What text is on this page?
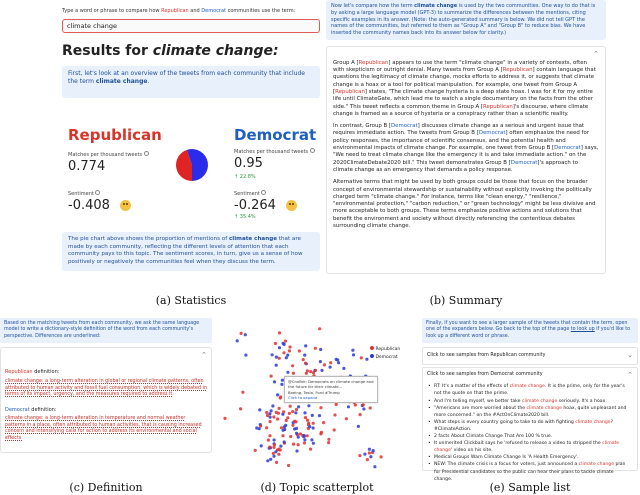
Type a word or phrase to compare how Republican and Democrat communities use the term:
climate change
Results for climate change:
First, let's look at an overview of the tweets from each community that include the term climate change.
Republican
Matches per thousand tweets
0.774
Sentiment
-0.408
Democrat
Matches per thousand tweets
0.95
↑ 22.8%
Sentiment
-0.264
↑ 35.4%
The pie chart above shows the proportion of mentions of climate change that are made by each community, reflecting the different levels of attention that each community pays to this topic. The sentiment scores, in turn, give us a sense of how positively or negatively the communities feel when they discuss the term.
(a) Statistics
Now let's compare how the term climate change is used by the two communities. One way to do that is by asking a large language model (GPT-3) to summarize the differences between the mentions, citing specific examples in its answer. (Note: the auto-generated summary is below. We did not tell GPT the names of the communities, but referred to them as "Group A" and "Group B" to reduce bias. We have inserted the community names back into its answer below for clarity.)
⌃

Group A [Republican] appears to use the term "climate change" in a variety of contexts, often with skepticism or outright denial. Many tweets from Group A [Republican] contain language that questions the legitimacy of climate change, mocks efforts to address it, or suggests that climate change is a hoax or a tool for political manipulation. For example, one tweet from Group A [Republican] states, "The climate change hysteria is a deep state hoax. I was for it for my entire life until ClimateGate, which lead me to watch a single documentary on the facts from the other side." This tweet reflects a common theme in Group A [Republican]'s discourse, where climate change is framed as a source of hysteria or a conspiracy rather than a scientific reality.

In contrast, Group B [Democrat] discusses climate change as a serious and urgent issue that requires immediate action. The tweets from Group B [Democrat] often emphasize the need for policy responses, the importance of scientific consensus, and the potential health and environmental impacts of climate change. For example, one tweet from Group B [Democrat] says, "We need to treat climate change like the emergency it is and take immediate action." on the 2020ClimateDebate2020 bill." This tweet demonstrates Group B [Democrat]'s approach to climate change as an emergency that demands a policy response.

Alternative terms that might be used by both groups could be those that focus on the broader concept of environmental stewardship or sustainability without explicitly invoking the politically charged term "climate change." For instance, terms like "clean energy," "resilience," "environmental protection," "carbon reduction," or "green technology" might be less divisive and more acceptable to both groups. These terms emphasize positive actions and solutions that benefit the environment and society without directly referencing the contentious debates surrounding climate change.

(b) Summary
Based on the matching tweets from each community, we ask the same language model to write a dictionary-style definition of the word from each community's perspective. Differences are underlined:
⌃
Republican definition:
climate change: a long-term alteration in global or regional climate patterns, often attributed to human activity and fossil fuel consumption, which is widely debated in terms of its impact, urgency, and the measures required to address it.
Democrat definition:
climate change: a long-term alteration in temperature and normal weather patterns in a place, often attributed to human activities, that is causing increased concern and intensifying calls for action to address its environmental and social effects.
(c) Definition
Republican
Democrat
@CnnBrk: Democrats on climate change and
the future for their climate…
Boeing, Tesla, Ford #Trump
Click to expand
(d) Topic scatterplot
Finally, if you want to see a larger sample of the tweets that contain the term, open one of the expanders below. Go back to the top of the page to look up if you'd like to look up a different word or phrase.
Click to see samples from Republican community	⌄
Click to see samples from Democrat community	⌃
• RT: It's a matter of the effects of climate change. It is the prime, only for the year's not the quote on that the prime.
• And I'm telling myself, we better take climate change seriously. It's a hoax.
• "Americans are more worried about the climate change hoax, quite unpleasant and more concerned." on the #ActOnClimate2020 bill.
• What steps is every country going to take to do with fighting climate change? #ClimateAction.
• 2 facts About Climate Change That Are 100 % true.
• It unmerited Clickbait says he 'refused to release a video to stripped the climate change' video on his site.
• Medical Groups Warn Climate Change Is 'A Health Emergency'.
• NEW: The climate crisis is a focus for voters, just announced a climate change plan for Presidential candidates so the public can hear their plans to tackle climate change.
(e) Sample list
